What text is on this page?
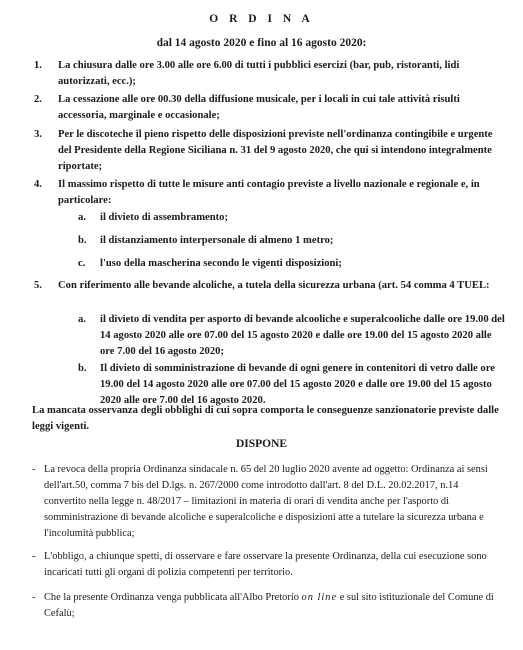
O R D I N A
dal 14 agosto 2020 e fino al 16 agosto 2020:
1.	La chiusura dalle ore 3.00 alle ore 6.00 di tutti i pubblici esercizi (bar, pub, ristoranti, lidi autorizzati, ecc.);
2.	La cessazione alle ore 00.30 della diffusione musicale, per i locali in cui tale attività risulti accessoria, marginale e occasionale;
3.	Per le discoteche il pieno rispetto delle disposizioni previste nell'ordinanza contingibile e urgente del Presidente della Regione Siciliana n. 31 del 9 agosto 2020, che qui si intendono integralmente riportate;
4.	Il massimo rispetto di tutte le misure anti contagio previste a livello nazionale e regionale e, in particolare:
a. il divieto di assembramento;
b. il distanziamento interpersonale di almeno 1 metro;
c. l'uso della mascherina secondo le vigenti disposizioni;
5.	Con riferimento alle bevande alcoliche, a tutela della sicurezza urbana (art. 54 comma 4 TUEL:
a. il divieto di vendita per asporto di bevande alcooliche e superalcooliche dalle ore 19.00 del 14 agosto 2020 alle ore 07.00 del 15 agosto 2020 e dalle ore 19.00 del 15 agosto 2020 alle ore 7.00 del 16 agosto 2020;
b. Il divieto di somministrazione di bevande di ogni genere in contenitori di vetro dalle ore 19.00 del 14 agosto 2020 alle ore 07.00 del 15 agosto 2020 e dalle ore 19.00 del 15 agosto 2020 alle ore 7.00 del 16 agosto 2020.
La mancata osservanza degli obblighi di cui sopra comporta le conseguenze sanzionatorie previste dalle leggi vigenti.
DISPONE
- La revoca della propria Ordinanza sindacale n. 65 del 20 luglio 2020 avente ad oggetto: Ordinanza ai sensi dell'art.50, comma 7 bis del D.lgs. n. 267/2000 come introdotto dall'art. 8 del D.L. 20.02.2017, n.14 convertito nella legge n. 48/2017 – limitazioni in materia di orari di vendita anche per l'asporto di somministrazione di bevande alcoliche e superalcoliche e disposizioni atte a tutelare la sicurezza urbana e l'incolumità pubblica;
- L'obbligo, a chiunque spetti, di osservare e fare osservare la presente Ordinanza, della cui esecuzione sono incaricati tutti gli organi di polizia competenti per territorio.
- Che la presente Ordinanza venga pubblicata all'Albo Pretorio on line e sul sito istituzionale del Comune di Cefalù;
